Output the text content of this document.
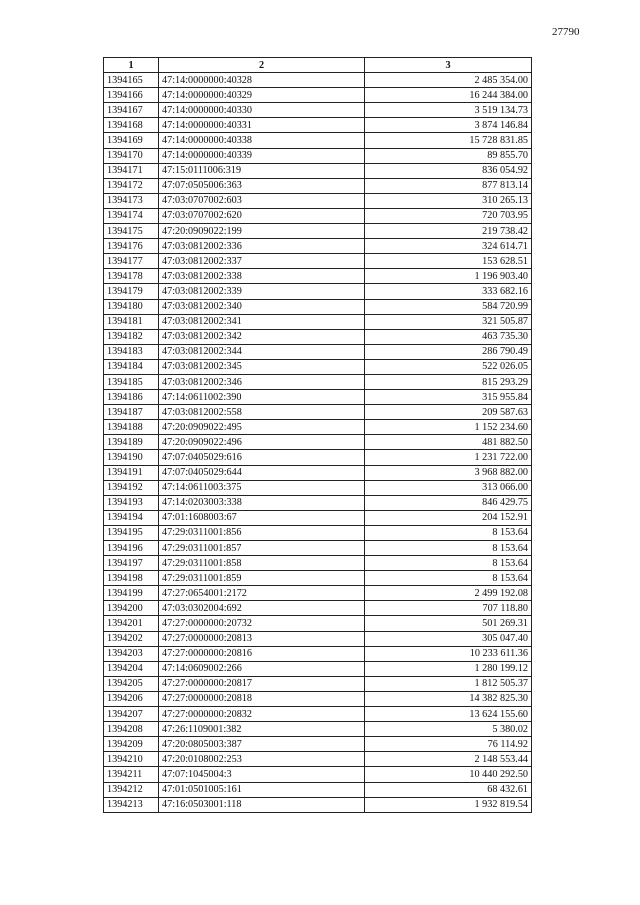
27790
1	2	3
1394165	47:14:0000000:40328	2 485 354.00
1394166	47:14:0000000:40329	16 244 384.00
1394167	47:14:0000000:40330	3 519 134.73
1394168	47:14:0000000:40331	3 874 146.84
1394169	47:14:0000000:40338	15 728 831.85
1394170	47:14:0000000:40339	89 855.70
1394171	47:15:0111006:319	836 054.92
1394172	47:07:0505006:363	877 813.14
1394173	47:03:0707002:603	310 265.13
1394174	47:03:0707002:620	720 703.95
1394175	47:20:0909022:199	219 738.42
1394176	47:03:0812002:336	324 614.71
1394177	47:03:0812002:337	153 628.51
1394178	47:03:0812002:338	1 196 903.40
1394179	47:03:0812002:339	333 682.16
1394180	47:03:0812002:340	584 720.99
1394181	47:03:0812002:341	321 505.87
1394182	47:03:0812002:342	463 735.30
1394183	47:03:0812002:344	286 790.49
1394184	47:03:0812002:345	522 026.05
1394185	47:03:0812002:346	815 293.29
1394186	47:14:0611002:390	315 955.84
1394187	47:03:0812002:558	209 587.63
1394188	47:20:0909022:495	1 152 234.60
1394189	47:20:0909022:496	481 882.50
1394190	47:07:0405029:616	1 231 722.00
1394191	47:07:0405029:644	3 968 882.00
1394192	47:14:0611003:375	313 066.00
1394193	47:14:0203003:338	846 429.75
1394194	47:01:1608003:67	204 152.91
1394195	47:29:0311001:856	8 153.64
1394196	47:29:0311001:857	8 153.64
1394197	47:29:0311001:858	8 153.64
1394198	47:29:0311001:859	8 153.64
1394199	47:27:0654001:2172	2 499 192.08
1394200	47:03:0302004:692	707 118.80
1394201	47:27:0000000:20732	501 269.31
1394202	47:27:0000000:20813	305 047.40
1394203	47:27:0000000:20816	10 233 611.36
1394204	47:14:0609002:266	1 280 199.12
1394205	47:27:0000000:20817	1 812 505.37
1394206	47:27:0000000:20818	14 382 825.30
1394207	47:27:0000000:20832	13 624 155.60
1394208	47:26:1109001:382	5 380.02
1394209	47:20:0805003:387	76 114.92
1394210	47:20:0108002:253	2 148 553.44
1394211	47:07:1045004:3	10 440 292.50
1394212	47:01:0501005:161	68 432.61
1394213	47:16:0503001:118	1 932 819.54
